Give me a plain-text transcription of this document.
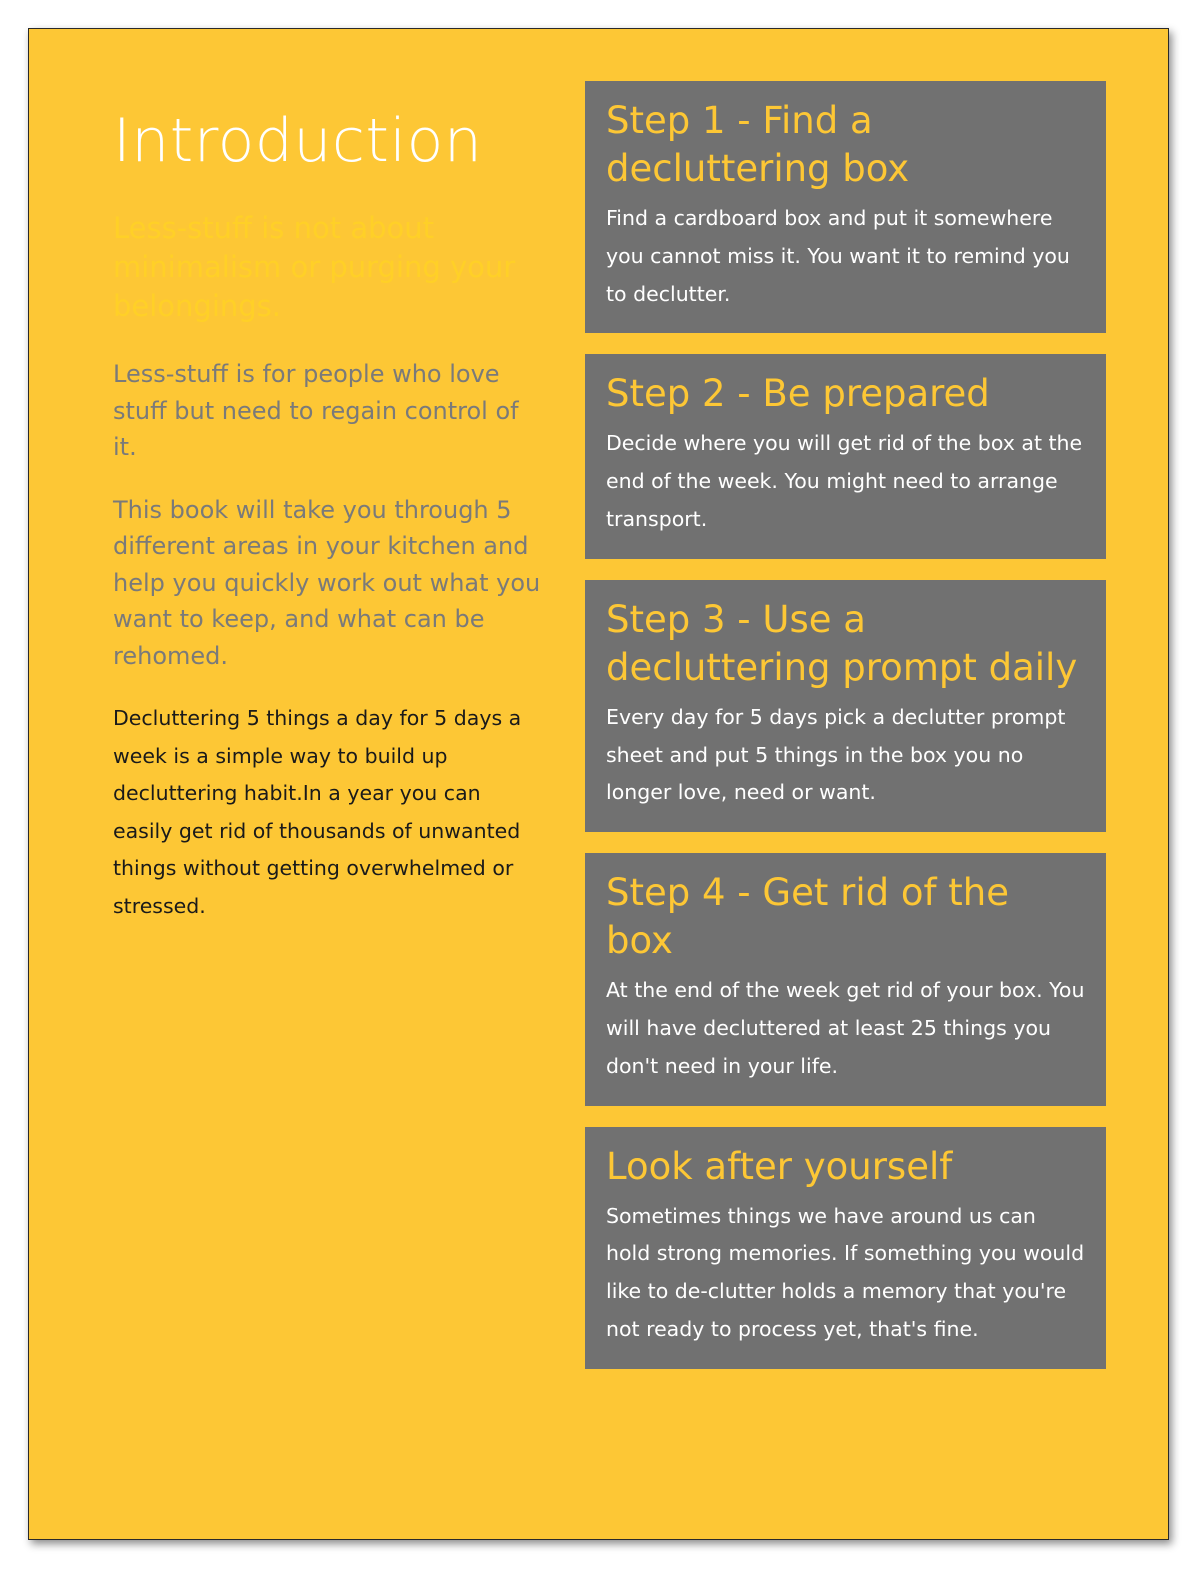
Introduction

Less-stuff is not about minimalism or purging your belongings.

Less-stuff is for people who love stuff but need to regain control of it.

This book will take you through 5 different areas in your kitchen and help you quickly work out what you want to keep, and what can be rehomed.

Decluttering 5 things a day for 5 days a week is a simple way to build up decluttering habit.In a year you can easily get rid of thousands of unwanted things without getting overwhelmed or stressed.

Step 1 - Find a decluttering box

Find a cardboard box and put it somewhere you cannot miss it. You want it to remind you to declutter.

Step 2 - Be prepared

Decide where you will get rid of the box at the end of the week. You might need to arrange transport.

Step 3 - Use a decluttering prompt daily

Every day for 5 days pick a declutter prompt sheet and put 5 things in the box you no longer love, need or want.

Step 4 - Get rid of the box

At the end of the week get rid of your box. You will have decluttered at least 25 things you don't need in your life.

Look after yourself

Sometimes things we have around us can hold strong memories. If something you would like to de-clutter holds a memory that you're not ready to process yet, that's fine.
